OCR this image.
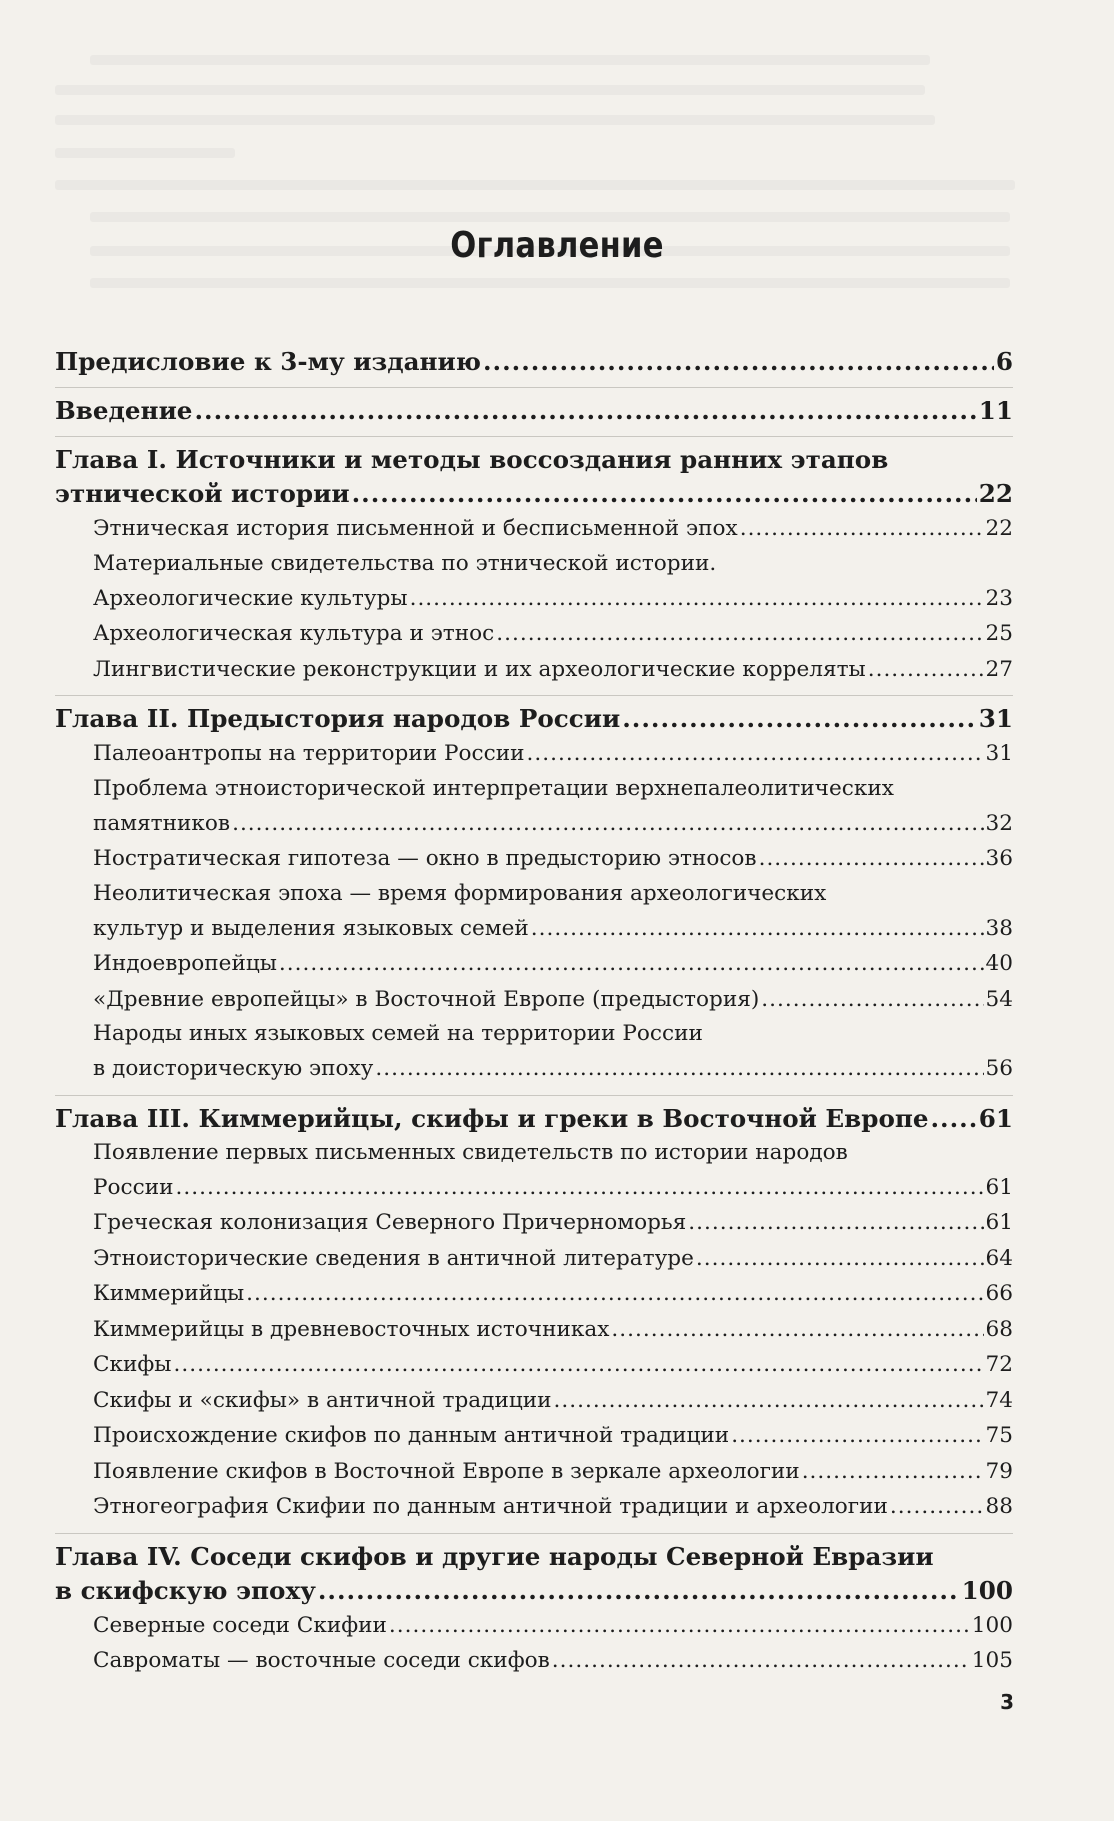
Оглавление
Предисловие к 3-му изданию .....	6
Введение .....	11
Глава I. Источники и методы воссоздания ранних этапов
этнической истории .....	22
Этническая история письменной и бесписьменной эпох .....	22
Материальные свидетельства по этнической истории.
Археологические культуры .....	23
Археологическая культура и этнос .....	25
Лингвистические реконструкции и их археологические корреляты .....	27
Глава II. Предыстория народов России .....	31
Палеоантропы на территории России .....	31
Проблема этноисторической интерпретации верхнепалеолитических
памятников .....	32
Ностратическая гипотеза — окно в предысторию этносов .....	36
Неолитическая эпоха — время формирования археологических
культур и выделения языковых семей .....	38
Индоевропейцы .....	40
«Древние европейцы» в Восточной Европе (предыстория) .....	54
Народы иных языковых семей на территории России
в доисторическую эпоху .....	56
Глава III. Киммерийцы, скифы и греки в Восточной Европе ..... 61
Появление первых письменных свидетельств по истории народов
России .....	61
Греческая колонизация Северного Причерноморья .....	61
Этноисторические сведения в античной литературе .....	64
Киммерийцы .....	66
Киммерийцы в древневосточных источниках .....	68
Скифы .....	72
Скифы и «скифы» в античной традиции .....	74
Происхождение скифов по данным античной традиции .....	75
Появление скифов в Восточной Европе в зеркале археологии .....	79
Этногеография Скифии по данным античной традиции и археологии .....	88
Глава IV. Соседи скифов и другие народы Северной Евразии
в скифскую эпоху .....	100
Северные соседи Скифии .....	100
Савроматы — восточные соседи скифов .....	105
3
